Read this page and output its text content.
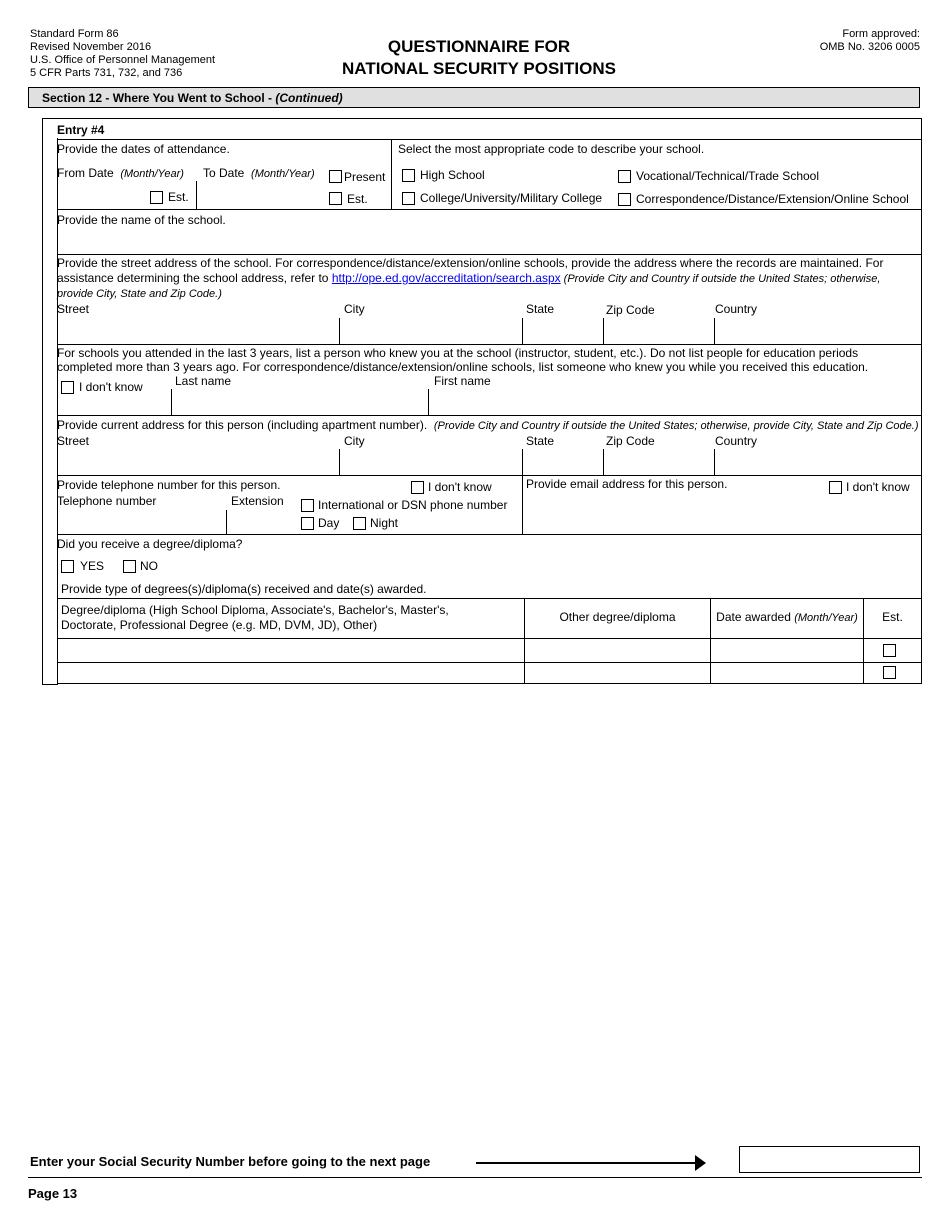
Standard Form 86
Revised November 2016
U.S. Office of Personnel Management
5 CFR Parts 731, 732, and 736
QUESTIONNAIRE FOR
NATIONAL SECURITY POSITIONS
Form approved:
OMB No. 3206 0005
Section 12 - Where You Went to School - (Continued)
Entry #4
Provide the dates of attendance.
From Date (Month/Year) To Date (Month/Year)
Est.
Present
Est.
Select the most appropriate code to describe your school.
High School	Vocational/Technical/Trade School
College/University/Military College	Correspondence/Distance/Extension/Online School
Provide the name of the school.
Provide the street address of the school. For correspondence/distance/extension/online schools, provide the address where the records are maintained. For
assistance determining the school address, refer to http://ope.ed.gov/accreditation/search.aspx (Provide City and Country if outside the United States; otherwise,
provide City, State and Zip Code.)
Street	City	State	Zip Code	Country
For schools you attended in the last 3 years, list a person who knew you at the school (instructor, student, etc.). Do not list people for education periods
completed more than 3 years ago. For correspondence/distance/extension/online schools, list someone who knew you while you received this education.
I don't know	Last name	First name
Provide current address for this person (including apartment number). (Provide City and Country if outside the United States; otherwise, provide City, State and Zip Code.)
Street	City	State	Zip Code	Country
Provide telephone number for this person.	I don't know
Telephone number	Extension	International or DSN phone number
Day	Night
Provide email address for this person.	I don't know
Did you receive a degree/diploma?
YES	NO
Provide type of degrees(s)/diploma(s) received and date(s) awarded.
Degree/diploma (High School Diploma, Associate's, Bachelor's, Master's,
Doctorate, Professional Degree (e.g. MD, DVM, JD), Other)
Other degree/diploma	Date awarded (Month/Year)	Est.
Enter your Social Security Number before going to the next page
Page 13
